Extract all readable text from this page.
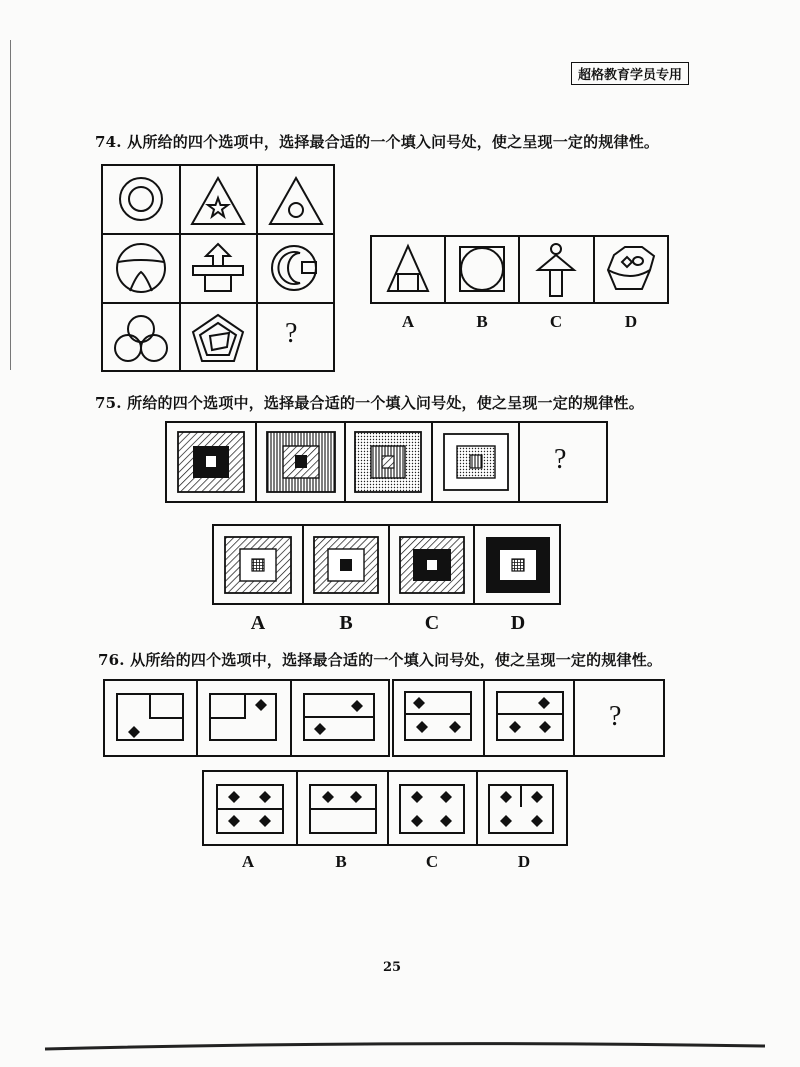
超格教育学员专用
74. 从所给的四个选项中，选择最合适的一个填入问号处，使之呈现一定的规律性。
?	A	B	C	D
75. 所给的四个选项中，选择最合适的一个填入问号处，使之呈现一定的规律性。
?
A	B	C	D
76. 从所给的四个选项中，选择最合适的一个填入问号处，使之呈现一定的规律性。
?
A	B	C	D
25
